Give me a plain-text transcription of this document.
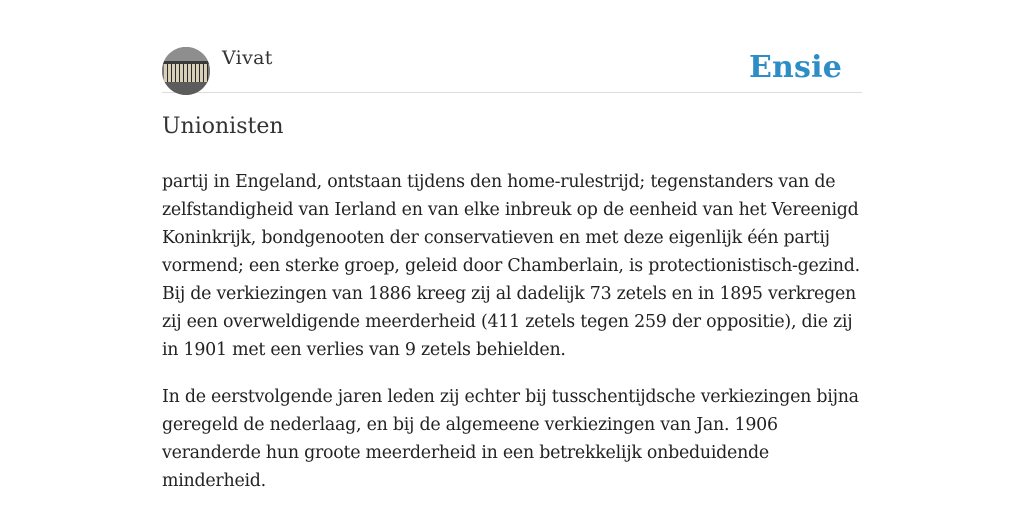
Vivat	Ensie
Unionisten

partij in Engeland, ontstaan tijdens den home-rulestrijd; tegenstanders van de zelfstandigheid van Ierland en van elke inbreuk op de eenheid van het Vereenigd Koninkrijk, bondgenooten der conservatieven en met deze eigenlijk één partij vormend; een sterke groep, geleid door Chamberlain, is protectionistisch-gezind. Bij de verkiezingen van 1886 kreeg zij al dadelijk 73 zetels en in 1895 verkregen zij een overweldigende meerderheid (411 zetels tegen 259 der oppositie), die zij in 1901 met een verlies van 9 zetels behielden.

In de eerstvolgende jaren leden zij echter bij tusschentijdsche verkiezingen bijna geregeld de nederlaag, en bij de algemeene verkiezingen van Jan. 1906 veranderde hun groote meerderheid in een betrekkelijk onbeduidende minderheid.
